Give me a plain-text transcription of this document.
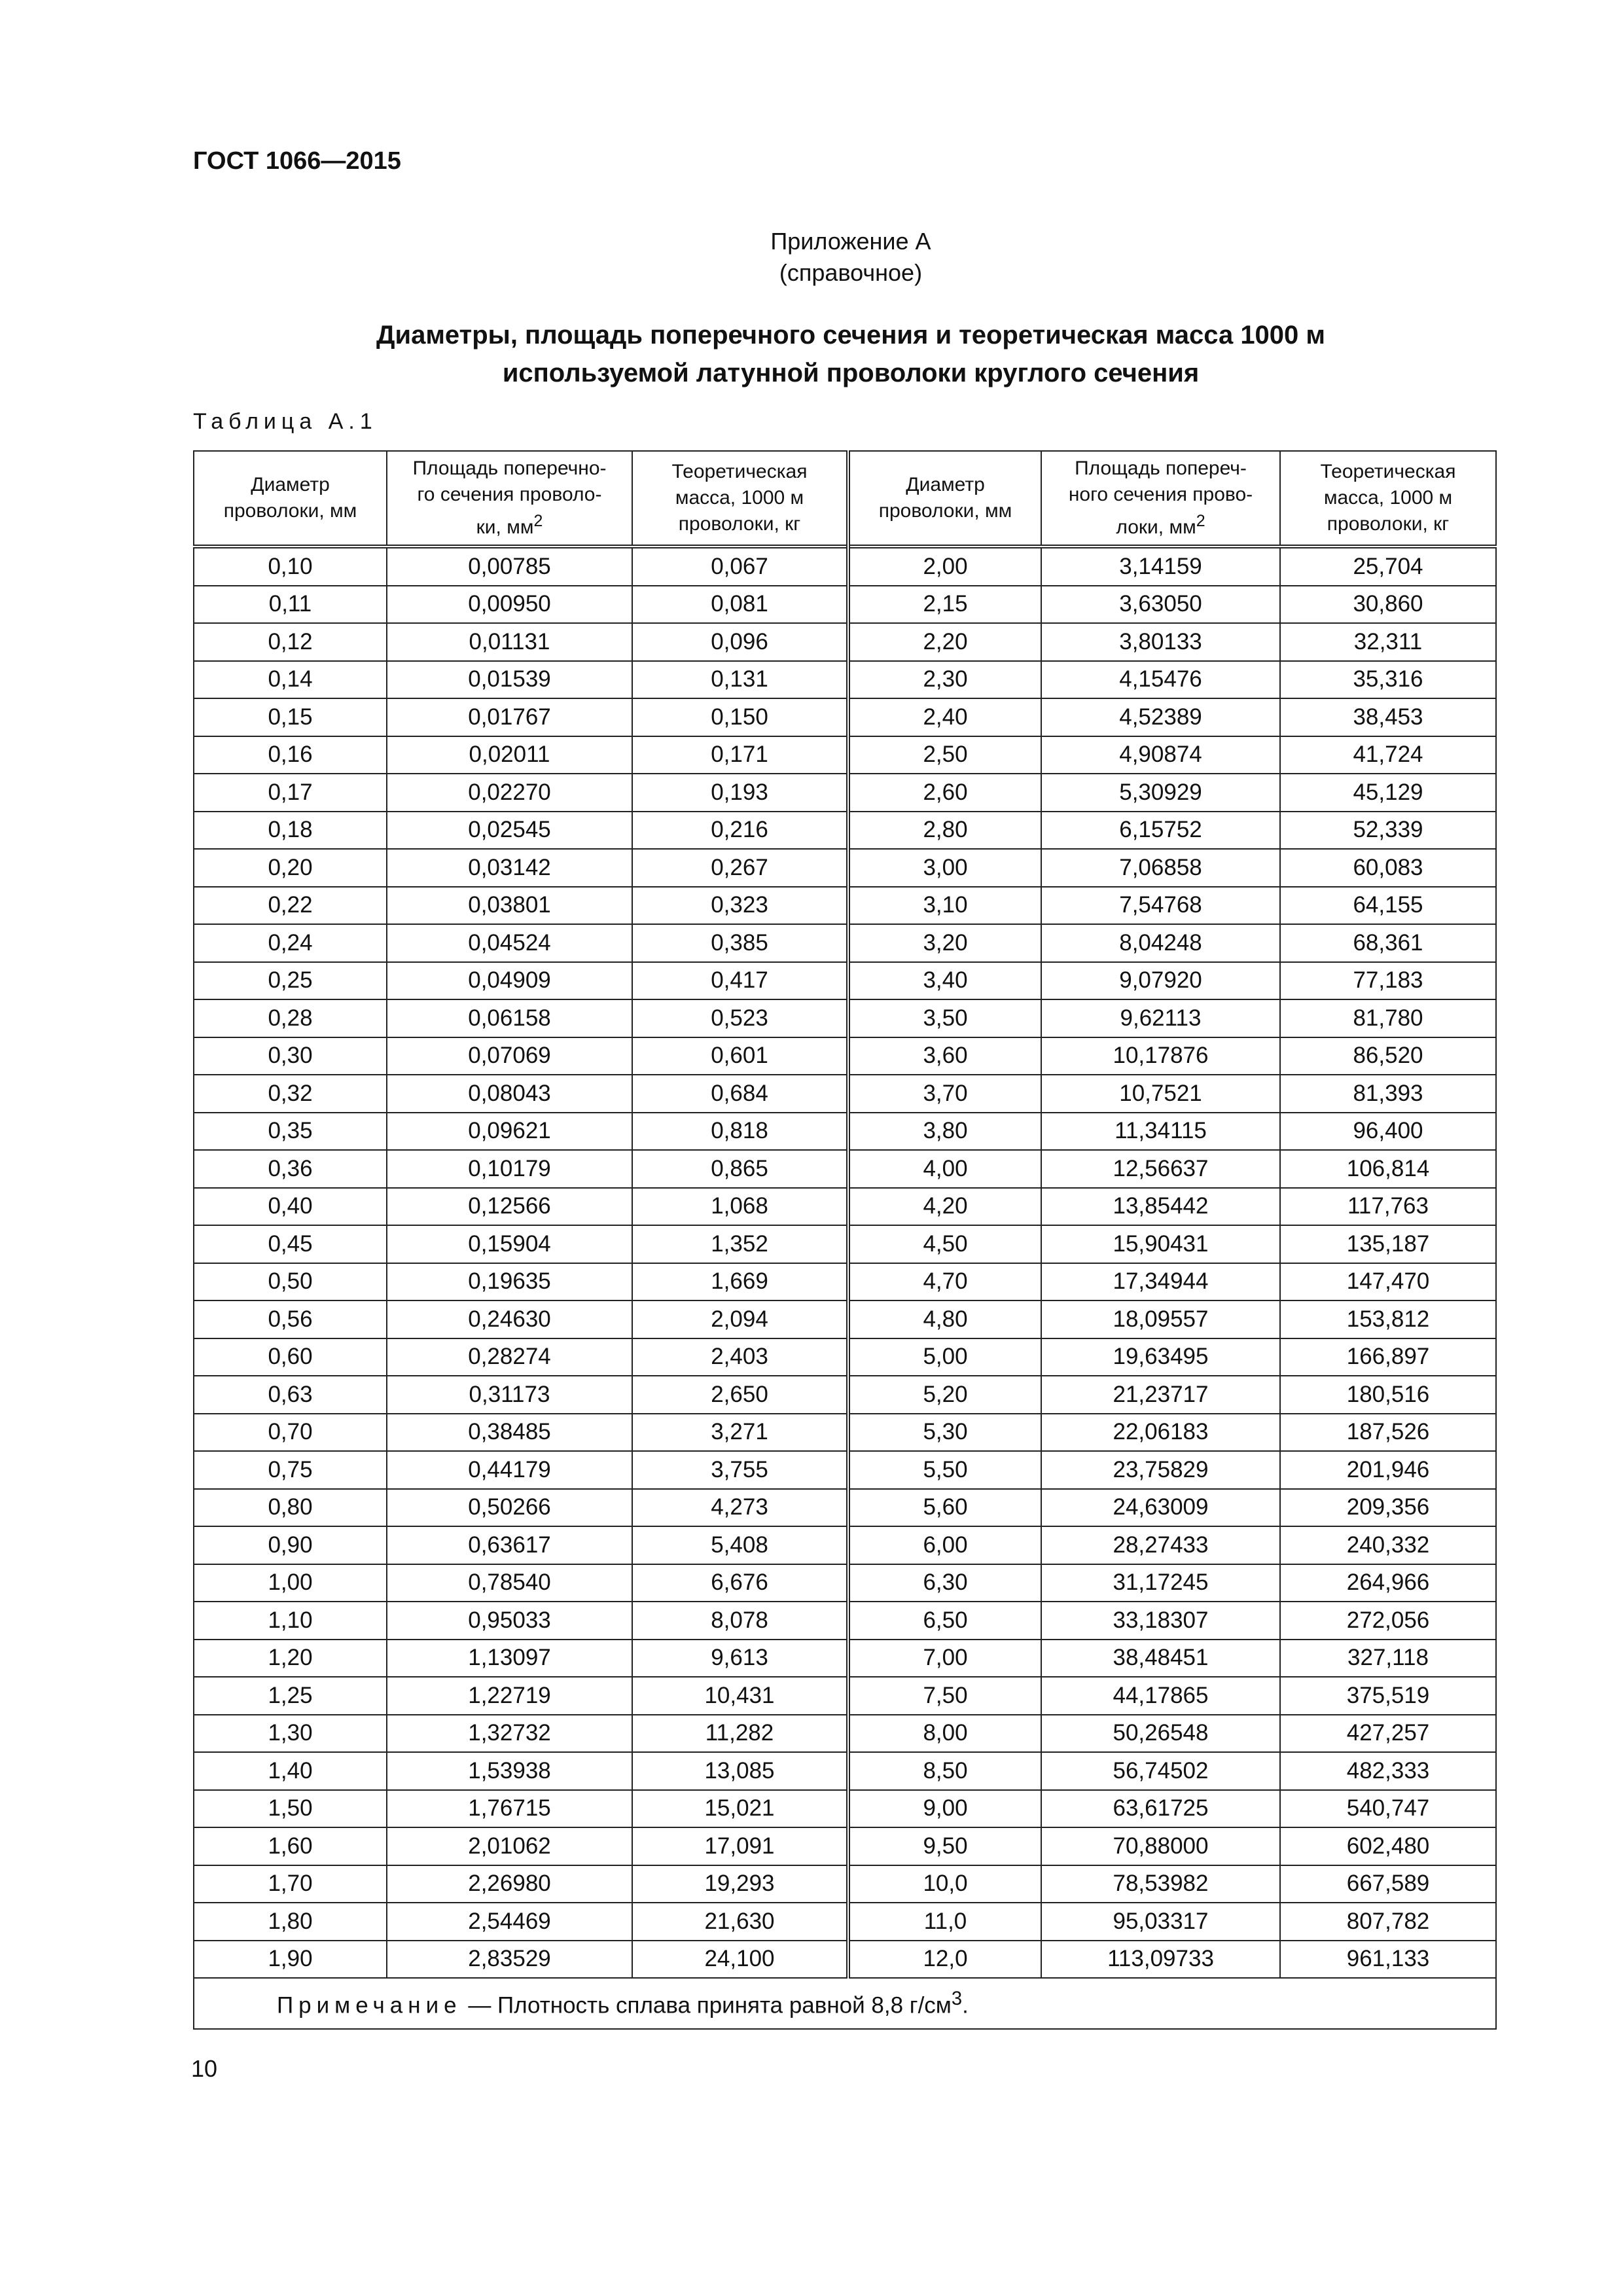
ГОСТ 1066—2015
Приложение А
(справочное)
Диаметры, площадь поперечного сечения и теоретическая масса 1000 м
используемой латунной проволоки круглого сечения
Таблица А.1
Диаметр
проволоки, мм	Площадь поперечно-
го сечения проволо-
ки, $мм^2$	Теоретическая
масса, 1000 м
проволоки, кг	Диаметр
проволоки, мм	Площадь попереч-
ного сечения прово-
локи, $мм^2$	Теоретическая
масса, 1000 м
проволоки, кг
0,10	0,00785	0,067	2,00	3,14159	25,704
0,11	0,00950	0,081	2,15	3,63050	30,860
0,12	0,01131	0,096	2,20	3,80133	32,311
0,14	0,01539	0,131	2,30	4,15476	35,316
0,15	0,01767	0,150	2,40	4,52389	38,453
0,16	0,02011	0,171	2,50	4,90874	41,724
0,17	0,02270	0,193	2,60	5,30929	45,129
0,18	0,02545	0,216	2,80	6,15752	52,339
0,20	0,03142	0,267	3,00	7,06858	60,083
0,22	0,03801	0,323	3,10	7,54768	64,155
0,24	0,04524	0,385	3,20	8,04248	68,361
0,25	0,04909	0,417	3,40	9,07920	77,183
0,28	0,06158	0,523	3,50	9,62113	81,780
0,30	0,07069	0,601	3,60	10,17876	86,520
0,32	0,08043	0,684	3,70	10,7521	81,393
0,35	0,09621	0,818	3,80	11,34115	96,400
0,36	0,10179	0,865	4,00	12,56637	106,814
0,40	0,12566	1,068	4,20	13,85442	117,763
0,45	0,15904	1,352	4,50	15,90431	135,187
0,50	0,19635	1,669	4,70	17,34944	147,470
0,56	0,24630	2,094	4,80	18,09557	153,812
0,60	0,28274	2,403	5,00	19,63495	166,897
0,63	0,31173	2,650	5,20	21,23717	180,516
0,70	0,38485	3,271	5,30	22,06183	187,526
0,75	0,44179	3,755	5,50	23,75829	201,946
0,80	0,50266	4,273	5,60	24,63009	209,356
0,90	0,63617	5,408	6,00	28,27433	240,332
1,00	0,78540	6,676	6,30	31,17245	264,966
1,10	0,95033	8,078	6,50	33,18307	272,056
1,20	1,13097	9,613	7,00	38,48451	327,118
1,25	1,22719	10,431	7,50	44,17865	375,519
1,30	1,32732	11,282	8,00	50,26548	427,257
1,40	1,53938	13,085	8,50	56,74502	482,333
1,50	1,76715	15,021	9,00	63,61725	540,747
1,60	2,01062	17,091	9,50	70,88000	602,480
1,70	2,26980	19,293	10,0	78,53982	667,589
1,80	2,54469	21,630	11,0	95,03317	807,782
1,90	2,83529	24,100	12,0	113,09733	961,133
Примечание — Плотность сплава принята равной 8,8 $г/см^3$.					
10
